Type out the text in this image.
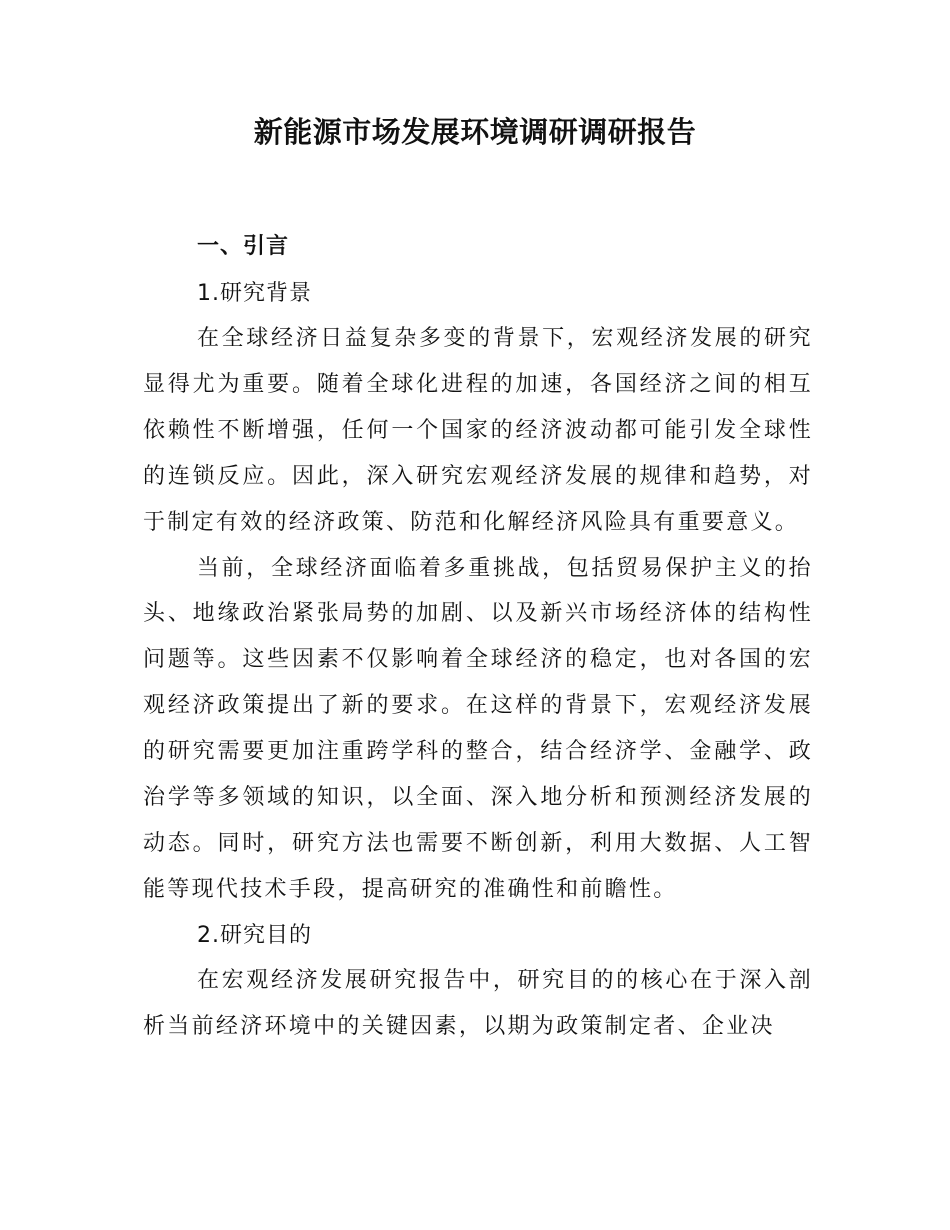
新能源市场发展环境调研调研报告
一、引言
1.研究背景

在全球经济日益复杂多变的背景下，宏观经济发展的研究显得尤为重要。随着全球化进程的加速，各国经济之间的相互依赖性不断增强，任何一个国家的经济波动都可能引发全球性的连锁反应。因此，深入研究宏观经济发展的规律和趋势，对于制定有效的经济政策、防范和化解经济风险具有重要意义。

当前，全球经济面临着多重挑战，包括贸易保护主义的抬头、地缘政治紧张局势的加剧、以及新兴市场经济体的结构性问题等。这些因素不仅影响着全球经济的稳定，也对各国的宏观经济政策提出了新的要求。在这样的背景下，宏观经济发展的研究需要更加注重跨学科的整合，结合经济学、金融学、政治学等多领域的知识，以全面、深入地分析和预测经济发展的动态。同时，研究方法也需要不断创新，利用大数据、人工智能等现代技术手段，提高研究的准确性和前瞻性。

2.研究目的

在宏观经济发展研究报告中，研究目的的核心在于深入剖析当前经济环境中的关键因素，以期为政策制定者、企业决
